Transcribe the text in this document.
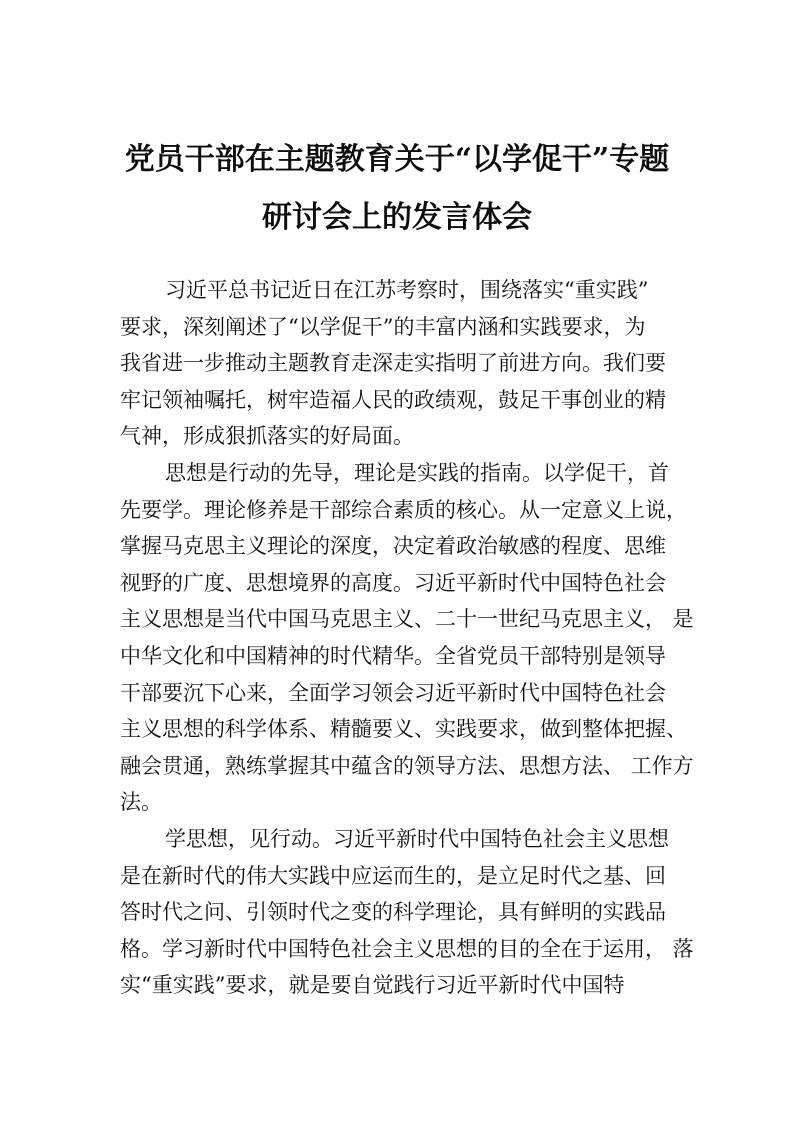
党员干部在主题教育关于“以学促干”专题
研讨会上的发言体会
习近平总书记近日在江苏考察时，围绕落实“重实践”
要求，深刻阐述了“以学促干”的丰富内涵和实践要求，为
我省进一步推动主题教育走深走实指明了前进方向。我们要
牢记领袖嘱托，树牢造福人民的政绩观，鼓足干事创业的精
气神，形成狠抓落实的好局面。
思想是行动的先导，理论是实践的指南。以学促干，首
先要学。理论修养是干部综合素质的核心。从一定意义上说，
掌握马克思主义理论的深度，决定着政治敏感的程度、思维
视野的广度、思想境界的高度。习近平新时代中国特色社会
主义思想是当代中国马克思主义、二十一世纪马克思主义， 是
中华文化和中国精神的时代精华。全省党员干部特别是领导
干部要沉下心来，全面学习领会习近平新时代中国特色社会
主义思想的科学体系、精髓要义、实践要求，做到整体把握、
融会贯通，熟练掌握其中蕴含的领导方法、思想方法、 工作方
法。
学思想，见行动。习近平新时代中国特色社会主义思想
是在新时代的伟大实践中应运而生的，是立足时代之基、回
答时代之问、引领时代之变的科学理论，具有鲜明的实践品
格。学习新时代中国特色社会主义思想的目的全在于运用， 落
实“重实践”要求，就是要自觉践行习近平新时代中国特
